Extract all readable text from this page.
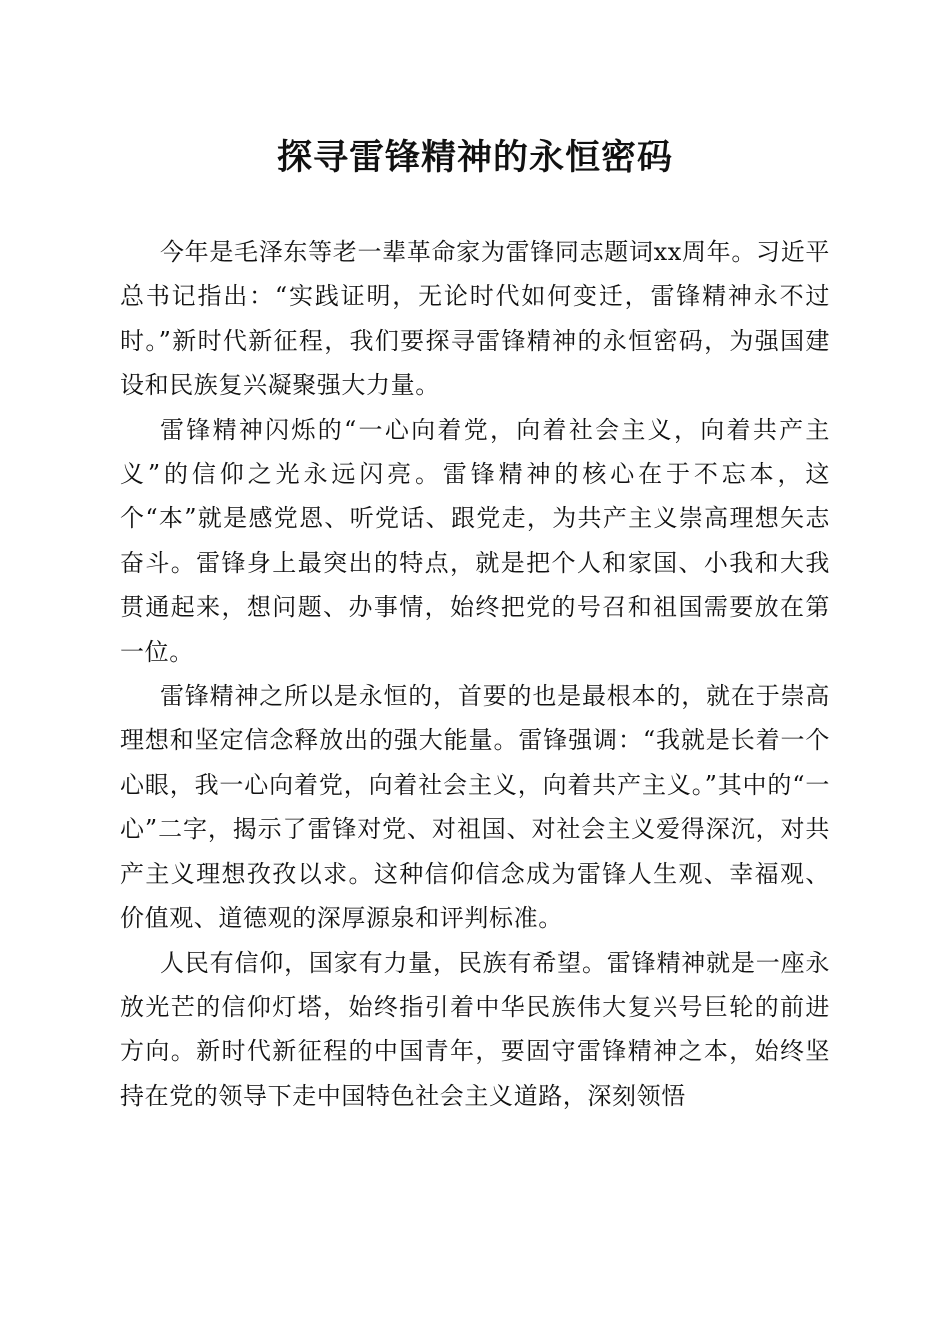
探寻雷锋精神的永恒密码

今年是毛泽东等老一辈革命家为雷锋同志题词xx周年。习近平总书记指出：“实践证明，无论时代如何变迁，雷锋精神永不过时。”新时代新征程，我们要探寻雷锋精神的永恒密码，为强国建设和民族复兴凝聚强大力量。

雷锋精神闪烁的“一心向着党，向着社会主义，向着共产主义”的信仰之光永远闪亮。雷锋精神的核心在于不忘本，这个“本”就是感党恩、听党话、跟党走，为共产主义崇高理想矢志奋斗。雷锋身上最突出的特点，就是把个人和家国、小我和大我贯通起来，想问题、办事情，始终把党的号召和祖国需要放在第一位。

雷锋精神之所以是永恒的，首要的也是最根本的，就在于崇高理想和坚定信念释放出的强大能量。雷锋强调：“我就是长着一个心眼，我一心向着党，向着社会主义，向着共产主义。”其中的“一心”二字，揭示了雷锋对党、对祖国、对社会主义爱得深沉，对共产主义理想孜孜以求。这种信仰信念成为雷锋人生观、幸福观、价值观、道德观的深厚源泉和评判标准。

人民有信仰，国家有力量，民族有希望。雷锋精神就是一座永放光芒的信仰灯塔，始终指引着中华民族伟大复兴号巨轮的前进方向。新时代新征程的中国青年，要固守雷锋精神之本，始终坚持在党的领导下走中国特色社会主义道路，深刻领悟
